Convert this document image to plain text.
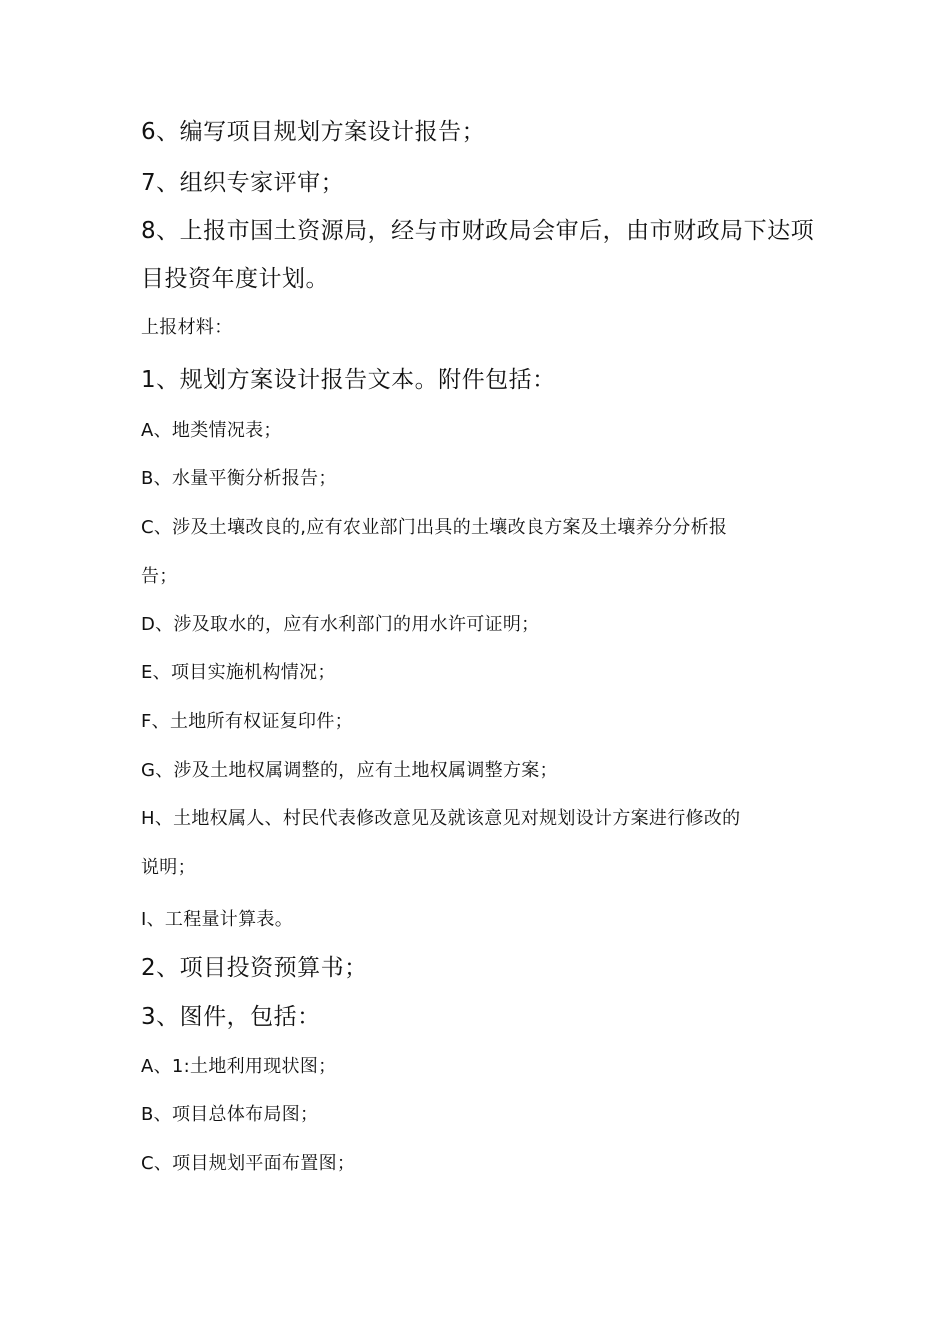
6、编写项目规划方案设计报告；
7、组织专家评审；
8、上报市国土资源局，经与市财政局会审后，由市财政局下达项
目投资年度计划。
上报材料：
1、规划方案设计报告文本。附件包括：
A、地类情况表；
B、水量平衡分析报告；
C、涉及土壤改良的,应有农业部门出具的土壤改良方案及土壤养分分析报
告；
D、涉及取水的，应有水利部门的用水许可证明；
E、项目实施机构情况；
F、土地所有权证复印件；
G、涉及土地权属调整的，应有土地权属调整方案；
H、土地权属人、村民代表修改意见及就该意见对规划设计方案进行修改的
说明；
I、工程量计算表。
2、项目投资预算书；
3、图件，包括：
A、1:土地利用现状图；
B、项目总体布局图；
C、项目规划平面布置图；
